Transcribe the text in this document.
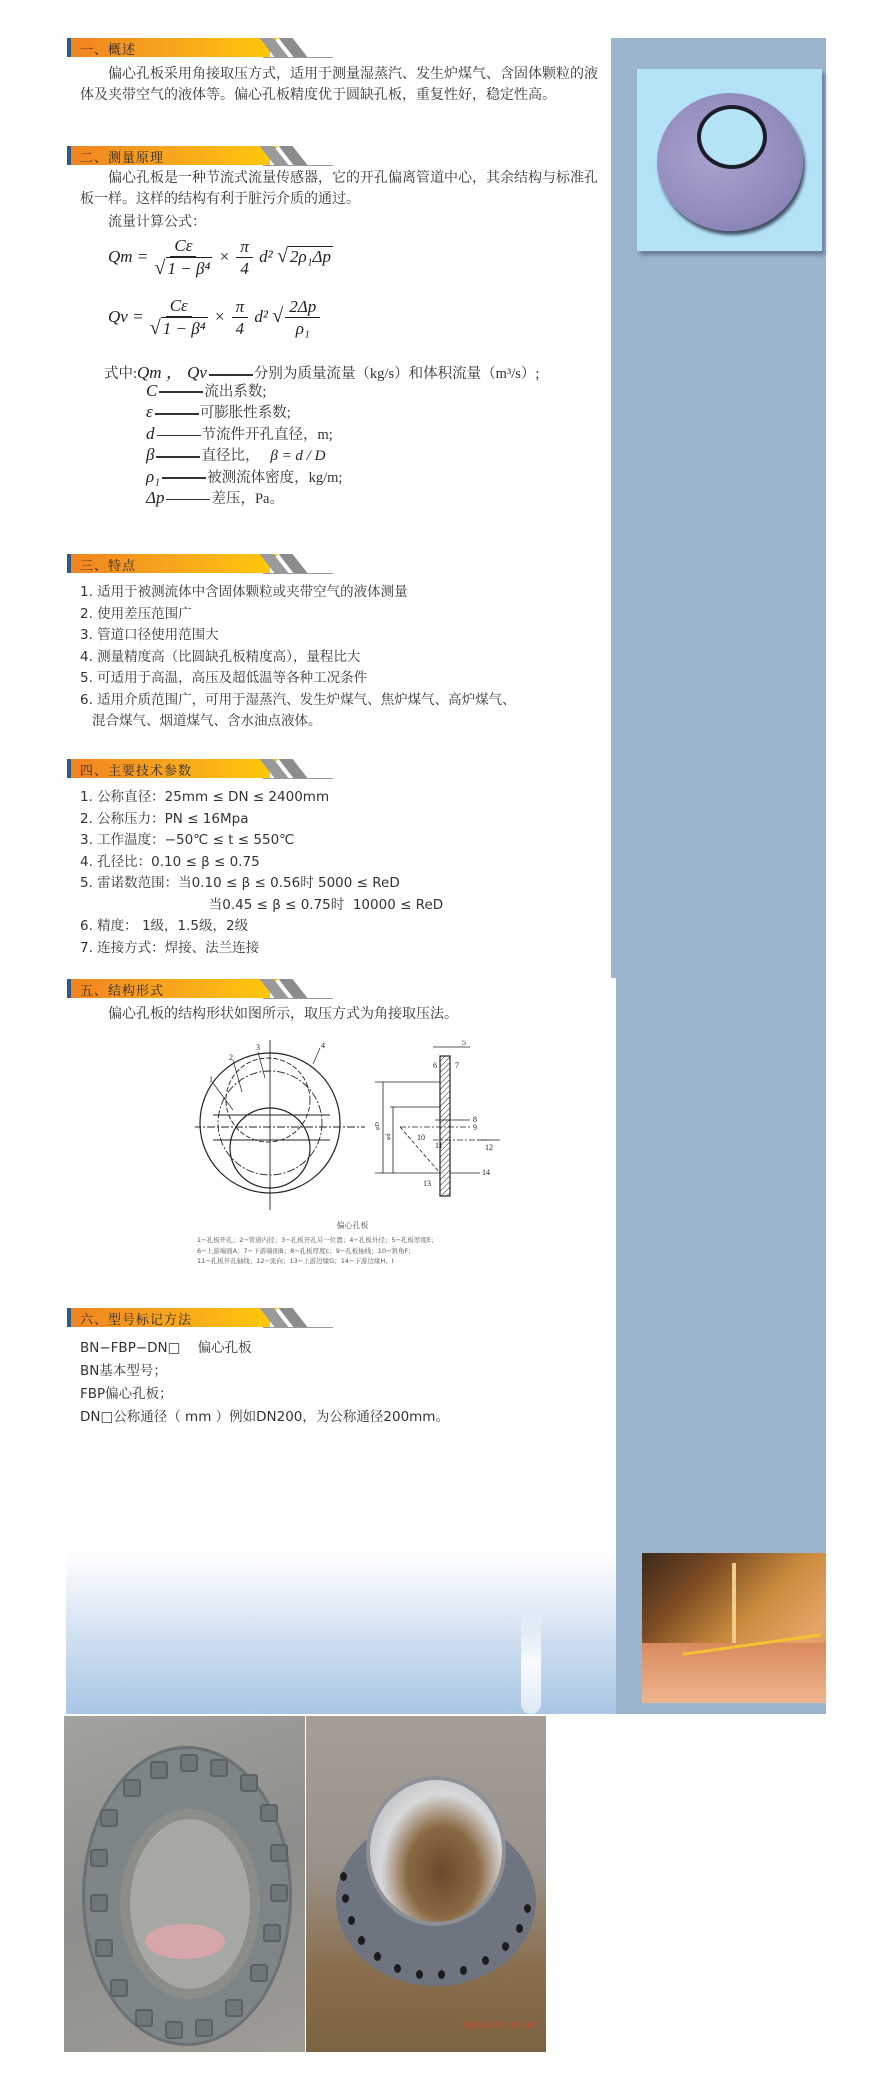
一、概述
偏心孔板采用角接取压方式，适用于测量湿蒸汽、发生炉煤气、含固体颗粒的液体及夹带空气的液体等。偏心孔板精度优于圆缺孔板，重复性好，稳定性高。
二、测量原理
偏心孔板是一种节流式流量传感器，它的开孔偏离管道中心，其余结构与标准孔板一样。这样的结构有利于脏污介质的通过。
流量计算公式：
$Qm = \frac{C\varepsilon}{\text{√ 1 − β⁴}} \times \frac{\pi}{4} d^2$ √ 2ρ₁Δp
$Qv = \frac{C\varepsilon}{\text{√ 1 − β⁴}} \times \frac{\pi}{4} d^2$ √ $\frac{2\Delta p}{\text{ρ₁}}$
式中:Qm ， Qv	分别为质量流量（kg/s）和体积流量（m³/s）;
C	流出系数;
ε	可膨胀性系数;
d	节流件开孔直径，m;
β	直径比， β = d / D
ρ₁	被测流体密度，kg/m;
Δp	差压，Pa。
三、特点
1. 适用于被测流体中含固体颗粒或夹带空气的液体测量
2. 使用差压范围广
3. 管道口径使用范围大
4. 测量精度高（比圆缺孔板精度高），量程比大
5. 可适用于高温，高压及超低温等各种工况条件
6. 适用介质范围广，可用于湿蒸汽、发生炉煤气、焦炉煤气、高炉煤气、
混合煤气、烟道煤气、含水油点液体。
四、主要技术参数
1. 公称直径：25mm ≤ DN ≤ 2400mm
2. 公称压力：PN ≤ 16Mpa
3. 工作温度：−50℃ ≤ t ≤ 550℃
4. 孔径比：0.10 ≤ β ≤ 0.75
5. 雷诺数范围：当0.10 ≤ β ≤ 0.56时 5000 ≤ ReD
当0.45 ≤ β ≤ 0.75时  10000 ≤ ReD
6. 精度： 1级，1.5级，2级
7. 连接方式：焊接、法兰连接
五、结构形式
偏心孔板的结构形状如图所示，取压方式为角接取压法。
1
2
3	4	5
6 7
8
9
10
11	12
13
14
φD
φd
偏心孔板
1−孔板开孔；2−管道内径；3−孔板开孔另一位置；4−孔板外径；5−孔板厚度E；
6−上游端面A；7−下游端面B；8−孔板厚度c；9−孔板轴线；10−斜角F；
11−孔板开孔轴线；12−流向；13−上游边缘G；14−下游边缘H、I
六、型号标记方法
BN−FBP−DN□    偏心孔板
BN基本型号；
FBP偏心孔板；
DN□公称通径（ mm ）例如DN200，为公称通径200mm。
2010/3/13 14:50
